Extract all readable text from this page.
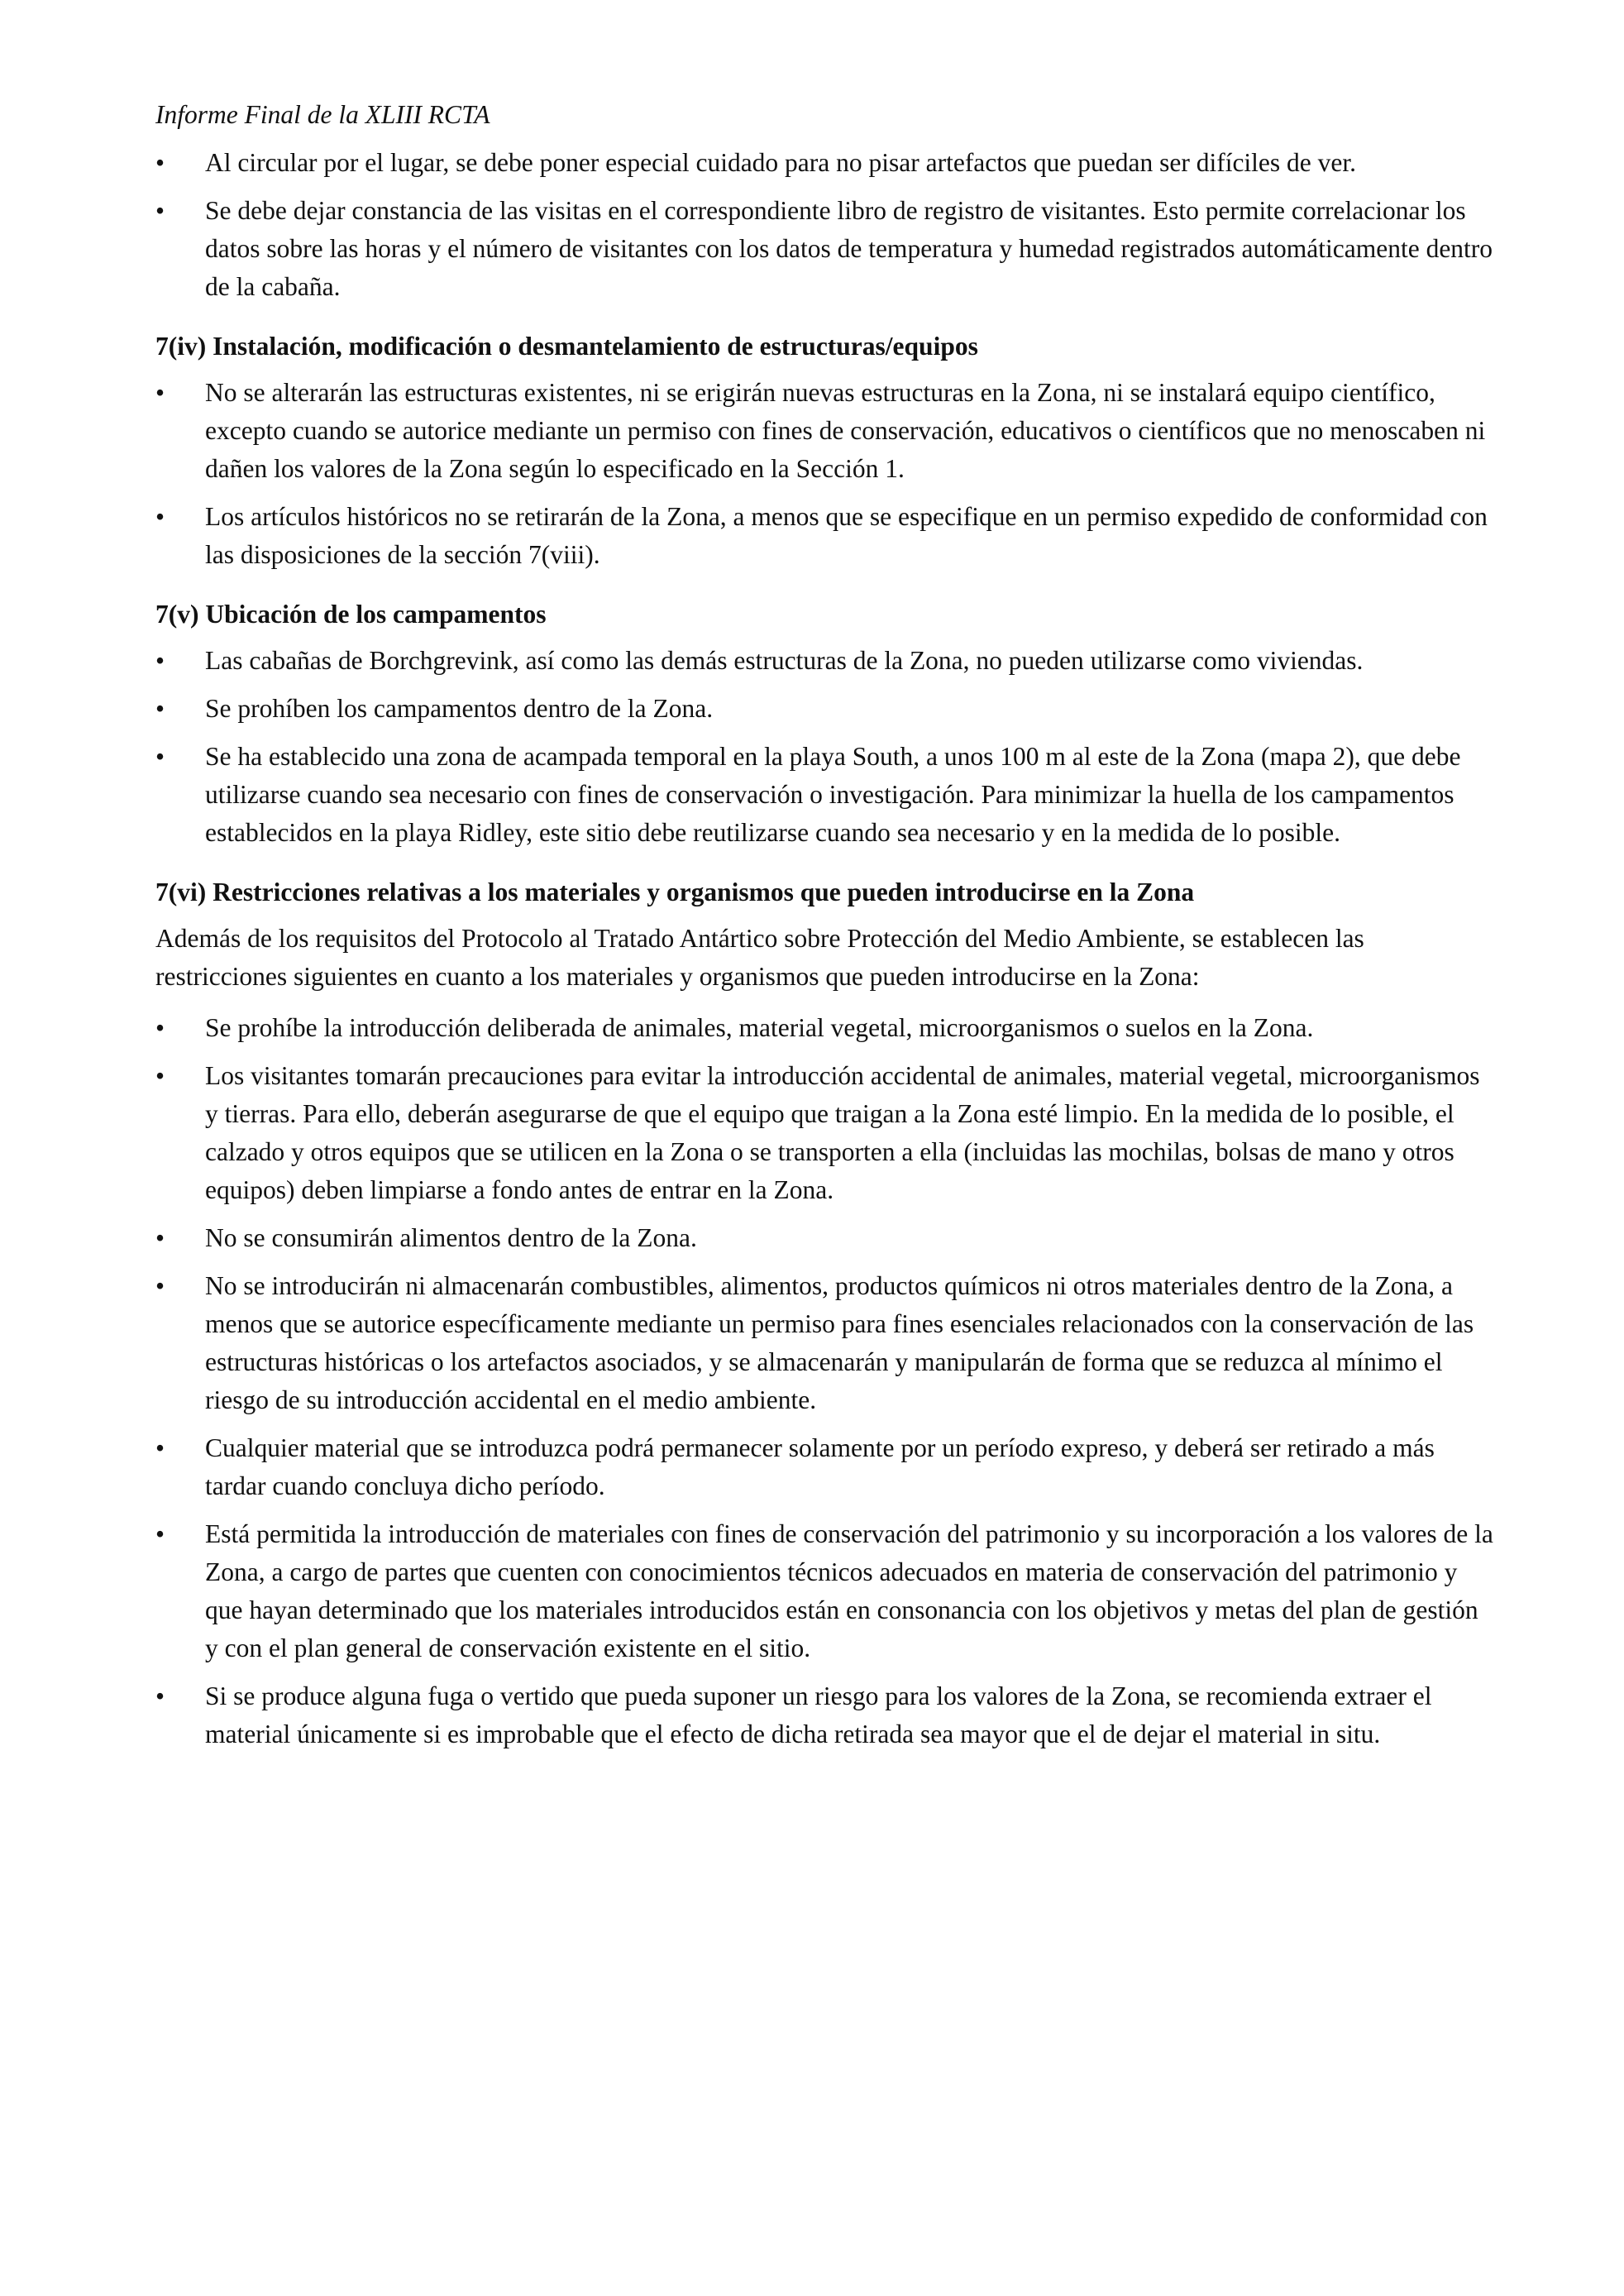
Informe Final de la XLIII RCTA
• Al circular por el lugar, se debe poner especial cuidado para no pisar artefactos que puedan ser difíciles de ver.
• Se debe dejar constancia de las visitas en el correspondiente libro de registro de visitantes. Esto permite correlacionar los datos sobre las horas y el número de visitantes con los datos de temperatura y humedad registrados automáticamente dentro de la cabaña.
7(iv) Instalación, modificación o desmantelamiento de estructuras/equipos
• No se alterarán las estructuras existentes, ni se erigirán nuevas estructuras en la Zona, ni se instalará equipo científico, excepto cuando se autorice mediante un permiso con fines de conservación, educativos o científicos que no menoscaben ni dañen los valores de la Zona según lo especificado en la Sección 1.
• Los artículos históricos no se retirarán de la Zona, a menos que se especifique en un permiso expedido de conformidad con las disposiciones de la sección 7(viii).
7(v) Ubicación de los campamentos
• Las cabañas de Borchgrevink, así como las demás estructuras de la Zona, no pueden utilizarse como viviendas.
• Se prohíben los campamentos dentro de la Zona.
• Se ha establecido una zona de acampada temporal en la playa South, a unos 100 m al este de la Zona (mapa 2), que debe utilizarse cuando sea necesario con fines de conservación o investigación. Para minimizar la huella de los campamentos establecidos en la playa Ridley, este sitio debe reutilizarse cuando sea necesario y en la medida de lo posible.
7(vi) Restricciones relativas a los materiales y organismos que pueden introducirse en la Zona

Además de los requisitos del Protocolo al Tratado Antártico sobre Protección del Medio Ambiente, se establecen las restricciones siguientes en cuanto a los materiales y organismos que pueden introducirse en la Zona:

• Se prohíbe la introducción deliberada de animales, material vegetal, microorganismos o suelos en la Zona.
• Los visitantes tomarán precauciones para evitar la introducción accidental de animales, material vegetal, microorganismos y tierras. Para ello, deberán asegurarse de que el equipo que traigan a la Zona esté limpio. En la medida de lo posible, el calzado y otros equipos que se utilicen en la Zona o se transporten a ella (incluidas las mochilas, bolsas de mano y otros equipos) deben limpiarse a fondo antes de entrar en la Zona.
• No se consumirán alimentos dentro de la Zona.
• No se introducirán ni almacenarán combustibles, alimentos, productos químicos ni otros materiales dentro de la Zona, a menos que se autorice específicamente mediante un permiso para fines esenciales relacionados con la conservación de las estructuras históricas o los artefactos asociados, y se almacenarán y manipularán de forma que se reduzca al mínimo el riesgo de su introducción accidental en el medio ambiente.
• Cualquier material que se introduzca podrá permanecer solamente por un período expreso, y deberá ser retirado a más tardar cuando concluya dicho período.
• Está permitida la introducción de materiales con fines de conservación del patrimonio y su incorporación a los valores de la Zona, a cargo de partes que cuenten con conocimientos técnicos adecuados en materia de conservación del patrimonio y que hayan determinado que los materiales introducidos están en consonancia con los objetivos y metas del plan de gestión y con el plan general de conservación existente en el sitio.
• Si se produce alguna fuga o vertido que pueda suponer un riesgo para los valores de la Zona, se recomienda extraer el material únicamente si es improbable que el efecto de dicha retirada sea mayor que el de dejar el material in situ.
